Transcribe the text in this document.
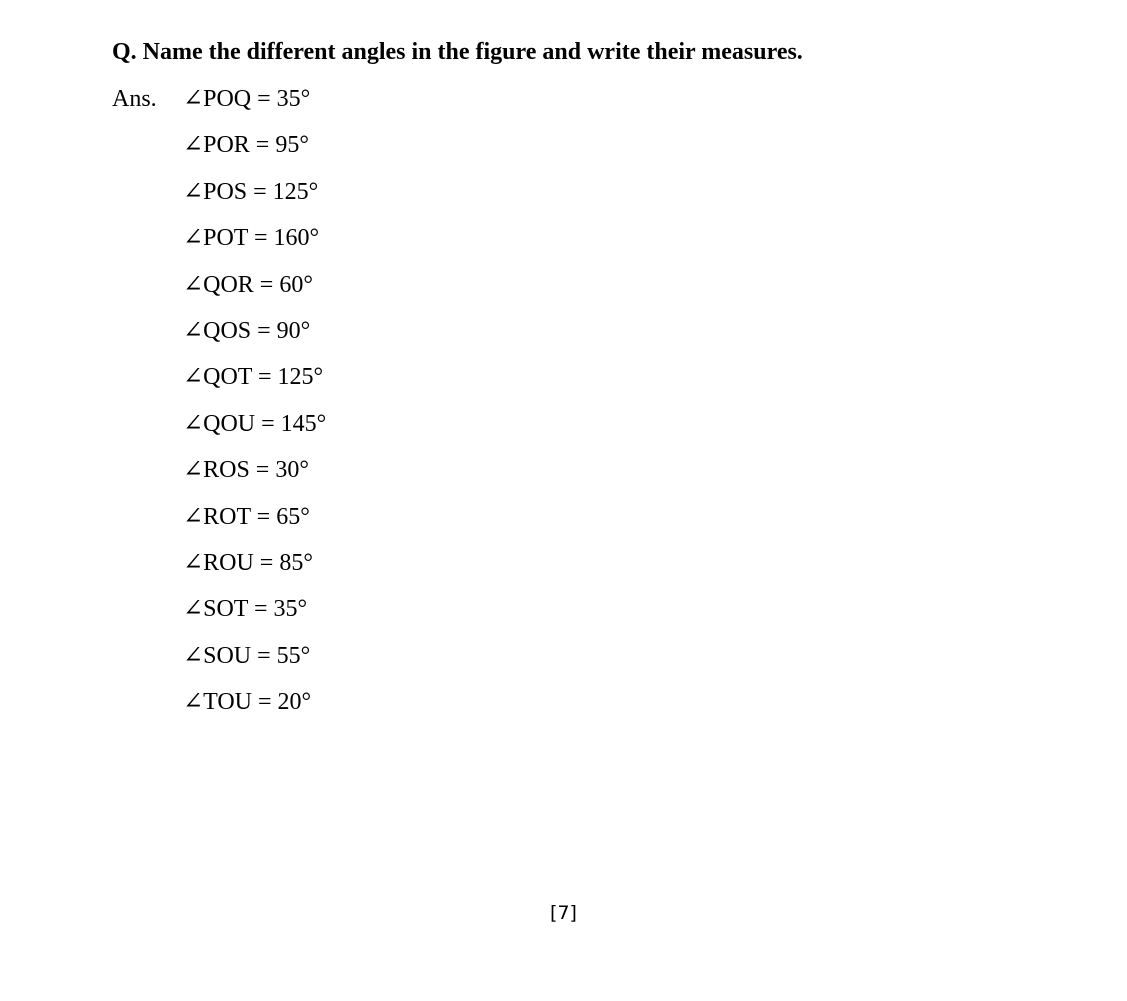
Q. Name the different angles in the figure and write their measures.
Ans. ∠POQ = 35°
∠POR = 95°
∠POS = 125°
∠POT = 160°
∠QOR = 60°
∠QOS = 90°
∠QOT = 125°
∠QOU = 145°
∠ROS = 30°
∠ROT = 65°
∠ROU = 85°
∠SOT = 35°
∠SOU = 55°
∠TOU = 20°
[7]
